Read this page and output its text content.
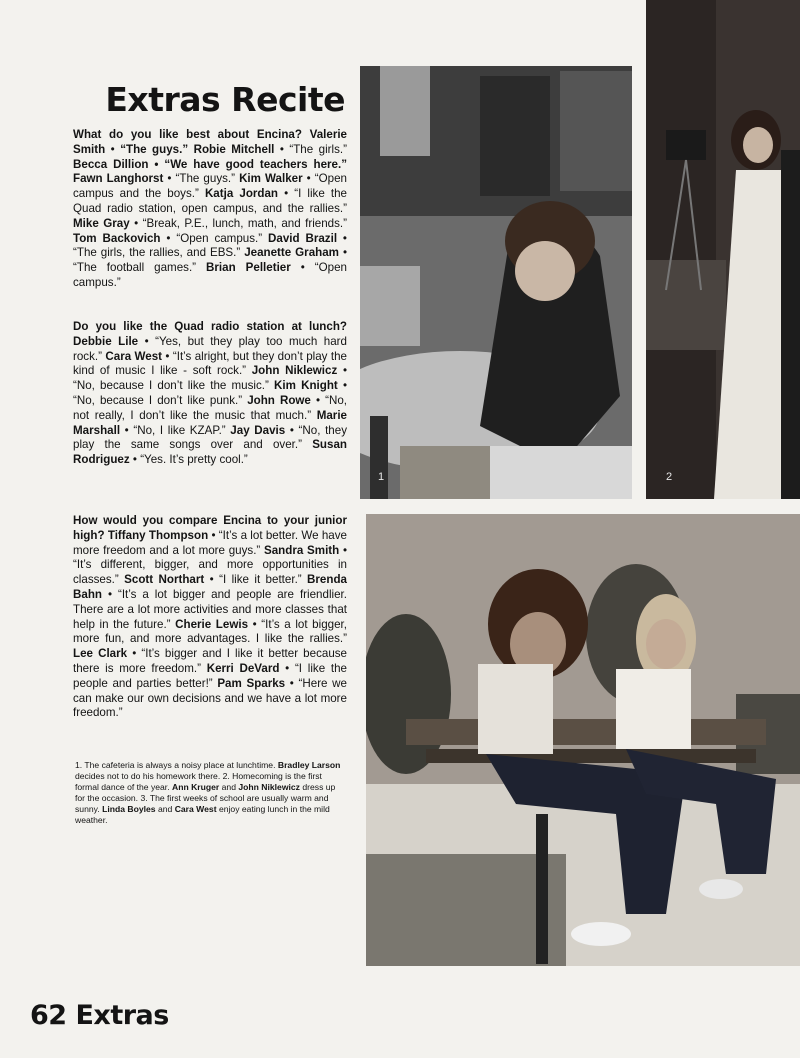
Extras Recite

What do you like best about Encina? Valerie Smith • “The guys.” Robie Mitchell • “The girls.” Becca Dillion • “We have good teachers here.” Fawn Langhorst • “The guys.” Kim Walker • “Open campus and the boys.” Katja Jordan • “I like the Quad radio station, open campus, and the rallies.” Mike Gray • “Break, P.E., lunch, math, and friends.” Tom Backovich • “Open campus.” David Brazil • “The girls, the rallies, and EBS.” Jeanette Graham • “The football games.” Brian Pelletier • “Open campus.”

Do you like the Quad radio station at lunch? Debbie Lile • “Yes, but they play too much hard rock.” Cara West • “It’s alright, but they don’t play the kind of music I like - soft rock.” John Niklewicz • “No, because I don’t like the music.” Kim Knight • “No, because I don’t like punk.” John Rowe • “No, not really, I don’t like the music that much.” Marie Marshall • “No, I like KZAP.” Jay Davis • “No, they play the same songs over and over.” Susan Rodriguez • “Yes. It’s pretty cool.”

How would you compare Encina to your junior high? Tiffany Thompson • “It’s a lot better. We have more freedom and a lot more guys.” Sandra Smith • “It’s different, bigger, and more opportunities in classes.” Scott Northart • “I like it better.” Brenda Bahn • “It’s a lot bigger and people are friendlier. There are a lot more activities and more classes that help in the future.” Cherie Lewis • “It’s a lot bigger, more fun, and more advantages. I like the rallies.” Lee Clark • “It’s bigger and I like it better because there is more freedom.” Kerri DeVard • “I like the people and parties better!” Pam Sparks • “Here we can make our own decisions and we have a lot more freedom.”

1. The cafeteria is always a noisy place at lunchtime. Bradley Larson decides not to do his homework there. 2. Homecoming is the first formal dance of the year. Ann Kruger and John Niklewicz dress up for the occasion. 3. The first weeks of school are usually warm and sunny. Linda Boyles and Cara West enjoy eating lunch in the mild weather.
1	2
62 Extras
